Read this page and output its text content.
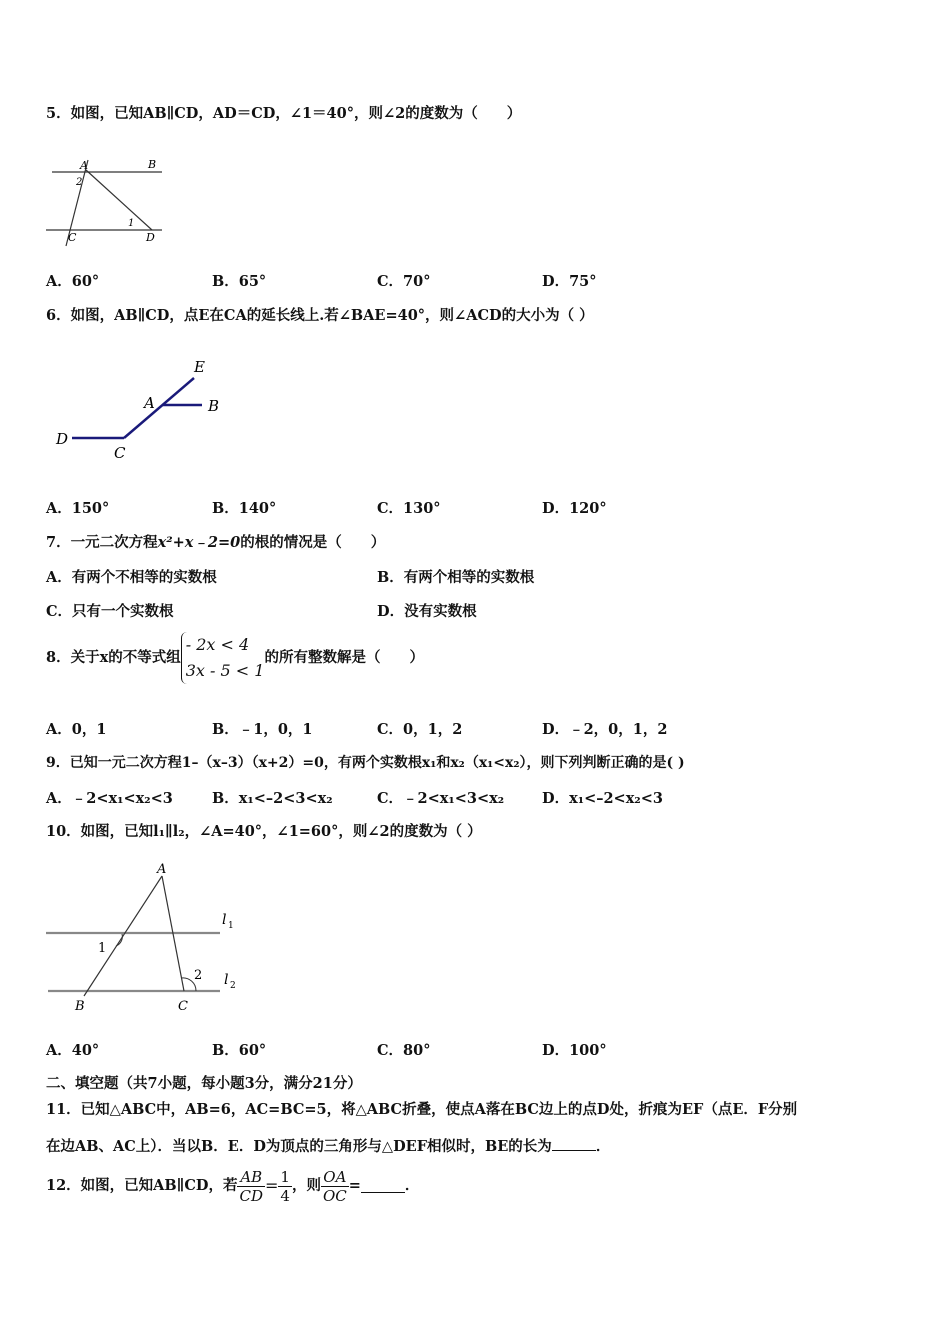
5．如图，已知AB∥CD，AD＝CD，∠1＝40°，则∠2的度数为（　　）
A	B
C	D
1
2
A．60°	B．65°	C．70°	D．75°
6．如图，AB∥CD，点E在CA的延长线上.若∠BAE=40°，则∠ACD的大小为（ ）
E
A	B
D
C
A．150°	B．140°	C．130°	D．120°
7．一元二次方程x²+x﹣2=0的根的情况是（　　）
A．有两个不相等的实数根	B．有两个相等的实数根
C．只有一个实数根	D．没有实数根
8．关于x的不等式组
- 2x < 4
3x - 5 < 1
的所有整数解是（　　）
A．0，1	B．﹣1，0，1	C．0，1，2	D．﹣2，0，1，2
9．已知一元二次方程1–（x–3）（x+2）=0，有两个实数根x₁和x₂（x₁<x₂），则下列判断正确的是( )
A．﹣2<x₁<x₂<3	B．x₁<–2<3<x₂	C．﹣2<x₁<3<x₂	D．x₁<–2<x₂<3
10．如图，已知l₁∥l₂，∠A=40°，∠1=60°，则∠2的度数为（ ）
A
B	C
1
2
l 1
l 2
A．40°	B．60°	C．80°	D．100°
二、填空题（共7小题，每小题3分，满分21分）
11．已知△ABC中，AB=6，AC=BC=5，将△ABC折叠，使点A落在BC边上的点D处，折痕为EF（点E．F分别
在边AB、AC上）．当以B．E．D为顶点的三角形与△DEF相似时，BE的长为	．
12．如图，已知AB∥CD，若 $\frac{AB}{CD} = \frac{1}{4}$ ，则 $\frac{OA}{OC}$ =	．
